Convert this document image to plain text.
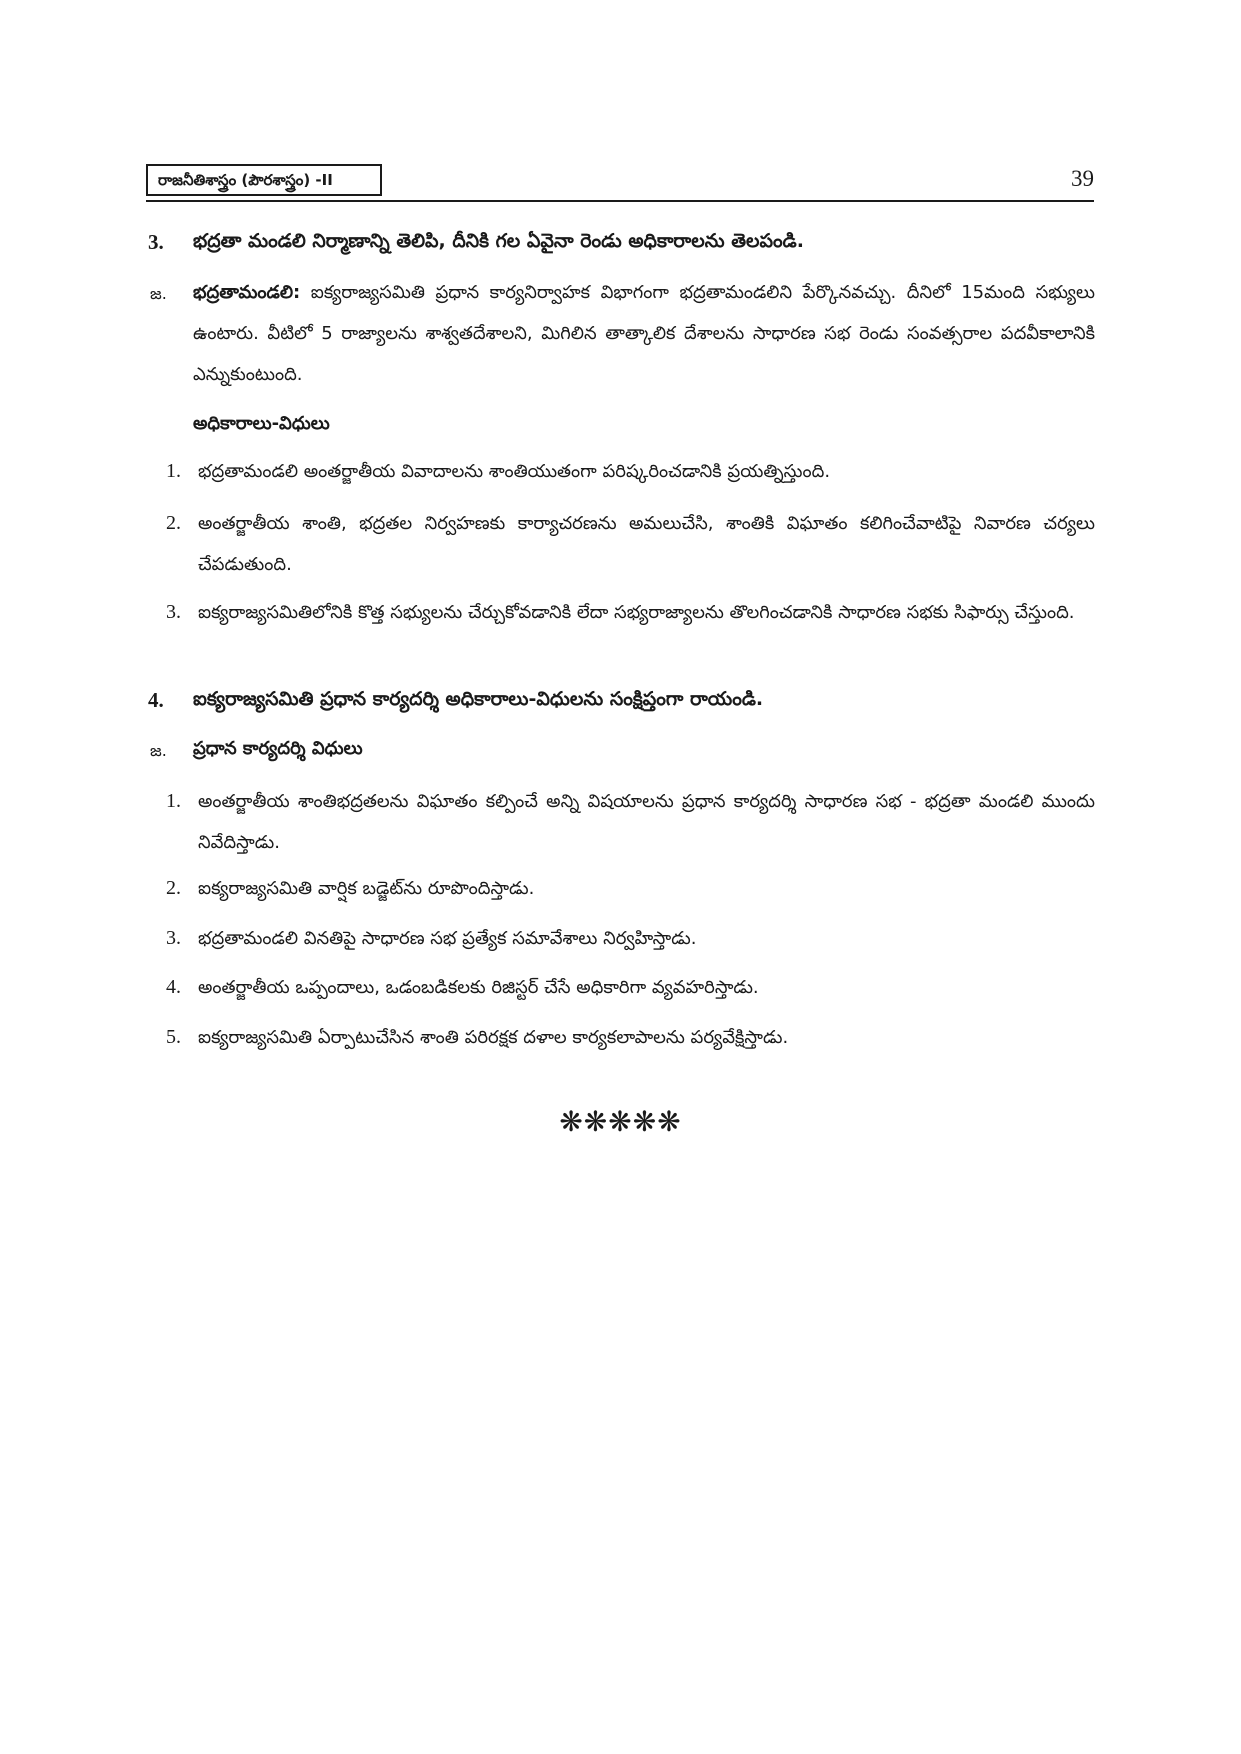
రాజనీతిశాస్త్రం (పౌరశాస్త్రం) -II	39
3. భద్రతా మండలి నిర్మాణాన్ని తెలిపి, దీనికి గల ఏవైనా రెండు అధికారాలను తెలపండి.
జ. భద్రతామండలి: ఐక్యరాజ్యసమితి ప్రధాన కార్యనిర్వాహక విభాగంగా భద్రతామండలిని పేర్కొనవచ్చు. దీనిలో 15మంది సభ్యులు ఉంటారు. వీటిలో 5 రాజ్యాలను శాశ్వతదేశాలని, మిగిలిన తాత్కాలిక దేశాలను సాధారణ సభ రెండు సంవత్సరాల పదవీకాలానికి ఎన్నుకుంటుంది.
అధికారాలు-విధులు
1. భద్రతామండలి అంతర్జాతీయ వివాదాలను శాంతియుతంగా పరిష్కరించడానికి ప్రయత్నిస్తుంది.
2. అంతర్జాతీయ శాంతి, భద్రతల నిర్వహణకు కార్యాచరణను అమలుచేసి, శాంతికి విఘాతం కలిగించేవాటిపై నివారణ చర్యలు చేపడుతుంది.
3. ఐక్యరాజ్యసమితిలోనికి కొత్త సభ్యులను చేర్చుకోవడానికి లేదా సభ్యరాజ్యాలను తొలగించడానికి సాధారణ సభకు సిఫార్సు చేస్తుంది.
4. ఐక్యరాజ్యసమితి ప్రధాన కార్యదర్శి అధికారాలు-విధులను సంక్షిప్తంగా రాయండి.
జ. ప్రధాన కార్యదర్శి విధులు
1. అంతర్జాతీయ శాంతిభద్రతలను విఘాతం కల్పించే అన్ని విషయాలను ప్రధాన కార్యదర్శి సాధారణ సభ - భద్రతా మండలి ముందు నివేదిస్తాడు.
2. ఐక్యరాజ్యసమితి వార్షిక బడ్జెట్‌ను రూపొందిస్తాడు.
3. భద్రతామండలి వినతిపై సాధారణ సభ ప్రత్యేక సమావేశాలు నిర్వహిస్తాడు.
4. అంతర్జాతీయ ఒప్పందాలు, ఒడంబడికలకు రిజిస్టర్ చేసే అధికారిగా వ్యవహరిస్తాడు.
5. ఐక్యరాజ్యసమితి ఏర్పాటుచేసిన శాంతి పరిరక్షక దళాల కార్యకలాపాలను పర్యవేక్షిస్తాడు.
❋❋❋❋❋
